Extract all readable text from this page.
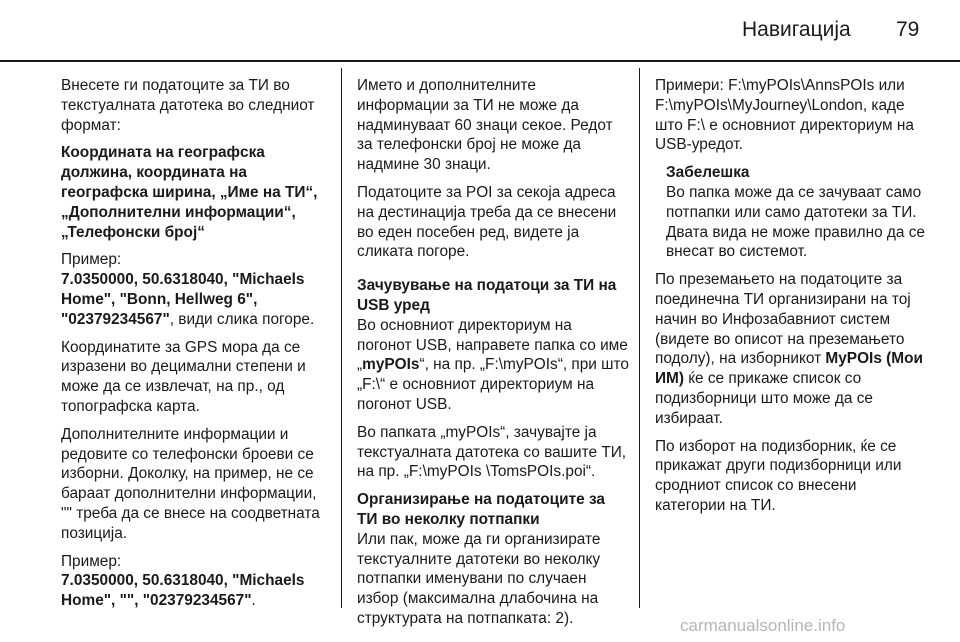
Навигација 79

Внесете ги податоците за ТИ во текстуалната датотека во следниот формат:

Координата на географска должина, координата на географска ширина, „Име на ТИ“, „Дополнителни информации“, „Телефонски број“

Пример:
7.0350000, 50.6318040, "Michaels Home", "Bonn, Hellweg 6", "02379234567", види слика погоре.

Координатите за GPS мора да се изразени во децимални степени и може да се извлечат, на пр., од топографска карта.

Дополнителните информации и редовите со телефонски броеви се изборни. Доколку, на пример, не се бараат дополнителни информации, "" треба да се внесе на соодветната позиција.

Пример:
7.0350000, 50.6318040, "Michaels Home", "", "02379234567".

Името и дополнителните информации за ТИ не може да надминуваат 60 знаци секое. Редот за телефонски број не може да надмине 30 знаци.

Податоците за POI за секоја адреса на дестинација треба да се внесени во еден посебен ред, видете ја сликата погоре.

Зачувување на податоци за ТИ на USB уред

Во основниот директориум на погонот USB, направете папка со име „myPOIs“, на пр. „F:\myPOIs“, при што „F:\“ е основниот директориум на погонот USB.

Во папката „myPOIs“, зачувајте ја текстуалната датотека со вашите ТИ, на пр. „F:\myPOIs \TomsPOIs.poi“.

Организирање на податоците за ТИ во неколку потпапки

Или пак, може да ги организирате текстуалните датотеки во неколку потпапки именувани по случаен избор (максимална длабочина на структурата на потпапката: 2).

Примери: F:\myPOIs\AnnsPOIs или F:\myPOIs\MyJourney\London, каде што F:\ е основниот директориум на USB-уредот.

Забелешка
Во папка може да се зачуваат само потпапки или само датотеки за ТИ. Двата вида не може правилно да се внесат во системот.

По преземањето на податоците за поединечна ТИ организирани на тој начин во Инфозабавниот систем (видете во описот на преземањето подолу), на изборникот MyPOIs (Мои ИМ) ќе се прикаже список со подизборници што може да се избираат.

По изборот на подизборник, ќе се прикажат други подизборници или сродниот список со внесени категории на ТИ.

carmanualsonline.info
